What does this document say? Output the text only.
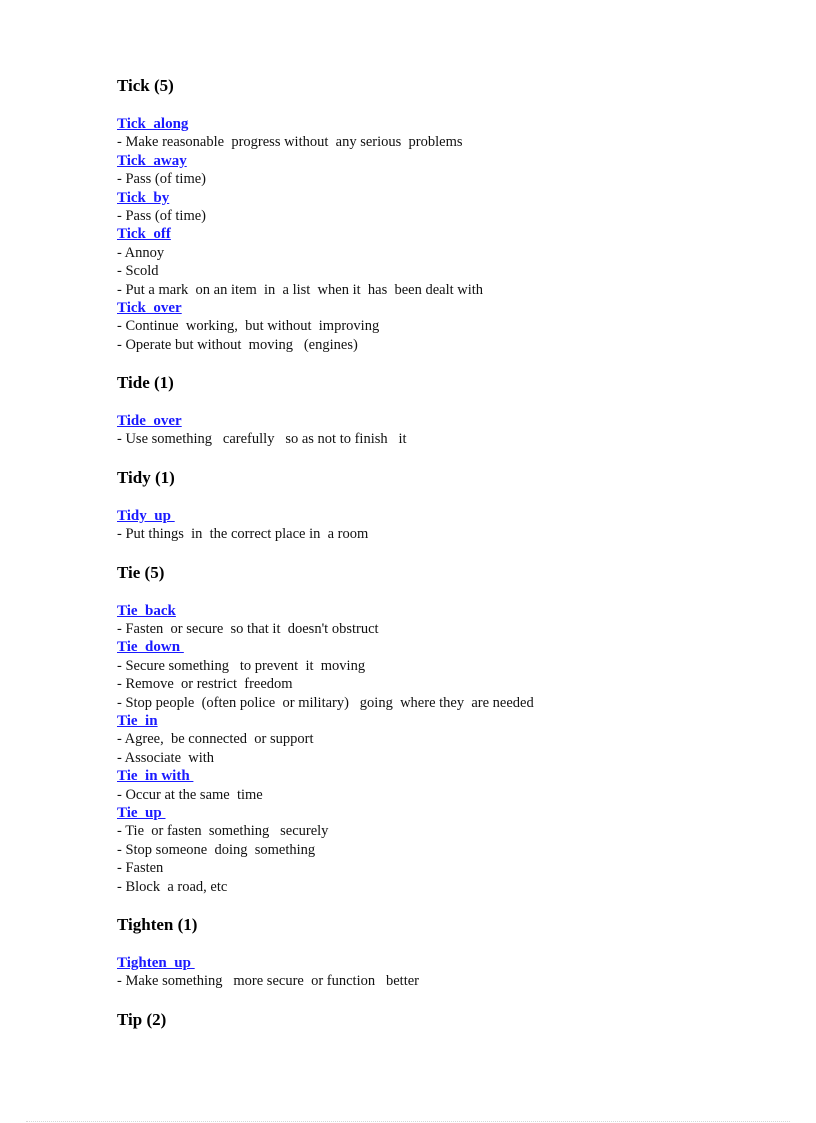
Tick (5)
Tick  along
- Make reasonable  progress without  any serious  problems
Tick  away
- Pass (of time)
Tick  by
- Pass (of time)
Tick  off
- Annoy
- Scold
- Put a mark  on an item  in  a list  when it  has  been dealt with
Tick  over
- Continue  working,  but without  improving
- Operate but without  moving   (engines)
Tide (1)
Tide  over
- Use something   carefully   so as not to finish   it
Tidy (1)
Tidy  up
- Put things  in  the correct place in  a room
Tie (5)
Tie  back
- Fasten  or secure  so that it  doesn't obstruct
Tie  down
- Secure something   to prevent  it  moving
- Remove  or restrict  freedom
- Stop people  (often police  or military)   going  where they  are needed
Tie  in
- Agree,  be connected  or support
- Associate  with
Tie  in with
- Occur at the same  time
Tie  up
- Tie  or fasten  something   securely
- Stop someone  doing  something
- Fasten
- Block  a road, etc
Tighten (1)
Tighten  up
- Make something   more secure  or function   better
Tip (2)
